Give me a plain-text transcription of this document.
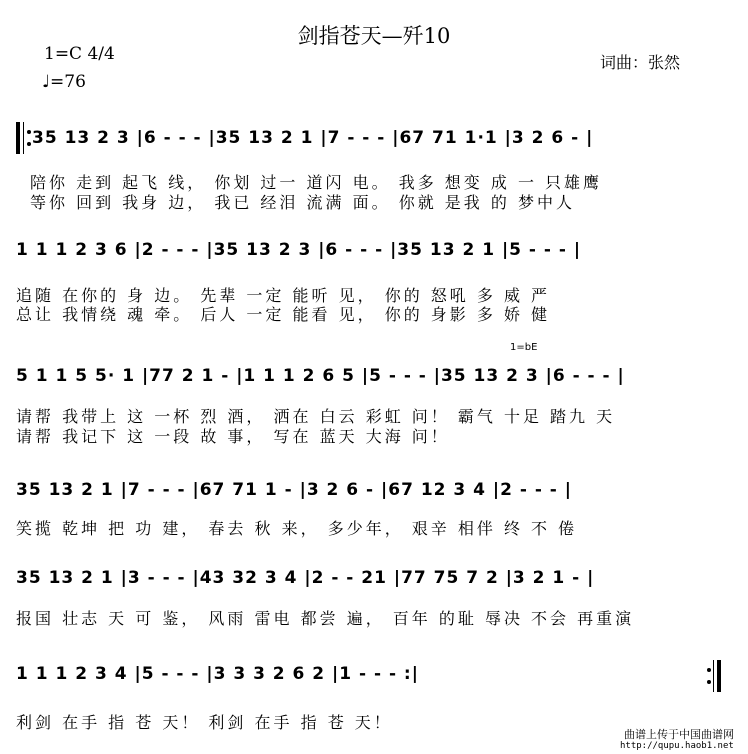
剑指苍天—歼10
1=C 4/4
♩=76
词曲：张然
35 13 2 3 |6 - - - |35 13 2 1 |7 - - - |67 71 1·1 |3 2 6 - |
陪你 走到 起飞 线， 你划 过一 道闪 电。 我多 想变 成 一 只雄鹰
等你 回到 我身 边， 我已 经泪 流满 面。 你就 是我 的 梦中人
1 1 1 2 3 6 |2 - - - |35 13 2 3 |6 - - - |35 13 2 1 |5 - - - |
追随 在你的 身 边。 先辈 一定 能听 见， 你的 怒吼 多 威 严
总让 我情绕 魂 牵。 后人 一定 能看 见， 你的 身影 多 娇 健
1=bE
5 1 1 5 5· 1 |77 2 1 - |1 1 1 2 6 5 |5 - - - |35 13 2 3 |6 - - - |
请帮 我带上 这 一杯 烈 酒， 洒在 白云 彩虹 问！ 霸气 十足 踏九 天
请帮 我记下 这 一段 故 事， 写在 蓝天 大海 问！
35 13 2 1 |7 - - - |67 71 1 - |3 2 6 - |67 12 3 4 |2 - - - |
笑揽 乾坤 把 功 建， 春去 秋 来， 多少年， 艰辛 相伴 终 不 倦
35 13 2 1 |3 - - - |43 32 3 4 |2 - - 21 |77 75 7 2 |3 2 1 - |
报国 壮志 天 可 鉴， 风雨 雷电 都尝 遍， 百年 的耻 辱决 不会 再重演
1 1 1 2 3 4 |5 - - - |3 3 3 2 6 2 |1 - - - :|
利剑 在手 指 苍 天！ 利剑 在手 指 苍 天！
曲谱上传于中国曲谱网
http://qupu.haob1.net
